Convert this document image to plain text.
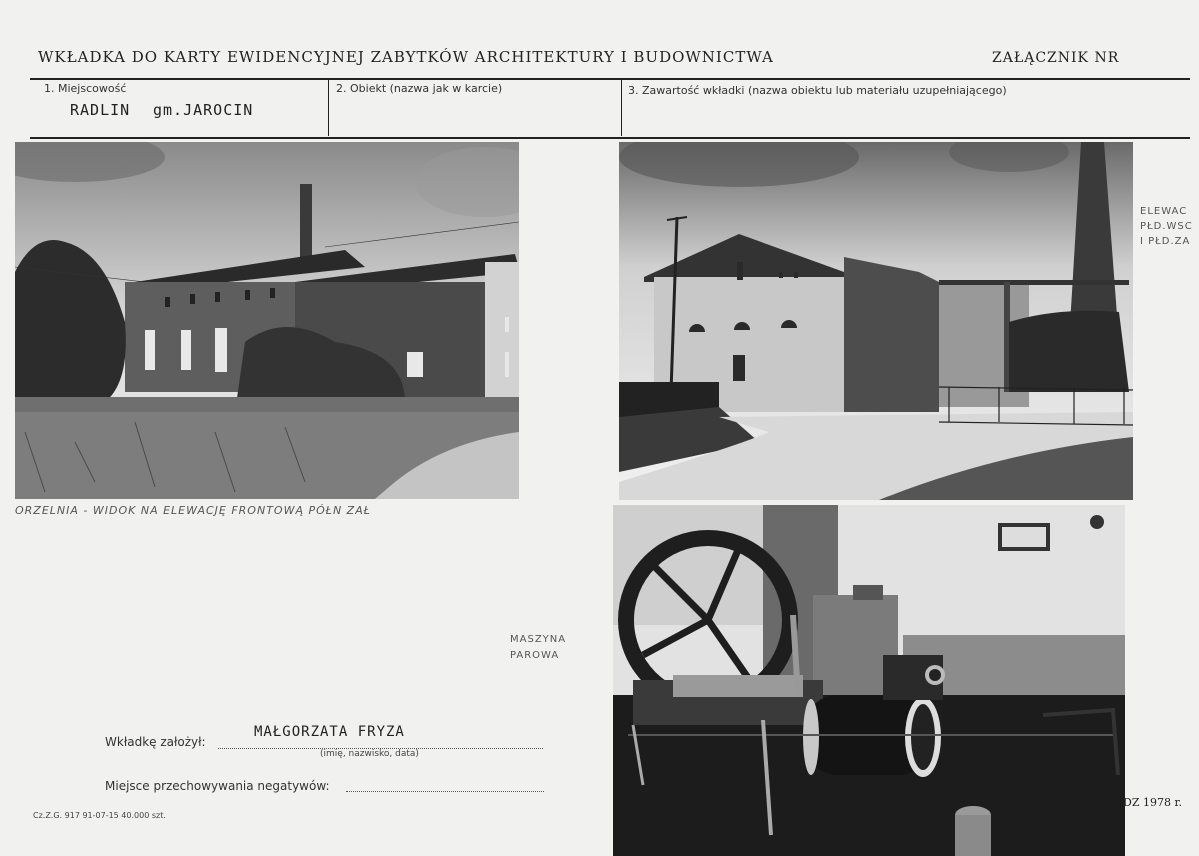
WKŁADKA DO KARTY EWIDENCYJNEJ ZABYTKÓW ARCHITEKTURY I BUDOWNICTWA	ZAŁĄCZNIK NR
1. Miejscowość
RADLIN gm.JAROCIN
2. Obiekt (nazwa jak w karcie)	3. Zawartość wkładki (nazwa obiektu lub materiału uzupełniającego)
ELEWAC
PŁD.WSC
I PŁD.ZA
ORZELNIA - WIDOK NA ELEWACJĘ FRONTOWĄ PÓŁN ZAŁ
MASZYNA
PAROWA
Wkładkę założył:
MAŁGORZATA FRYZA
(imię, nazwisko, data)
Miejsce przechowywania negatywów:
DZ 1978 r.
Cz.Z.G. 917 91-07-15 40.000 szt.
